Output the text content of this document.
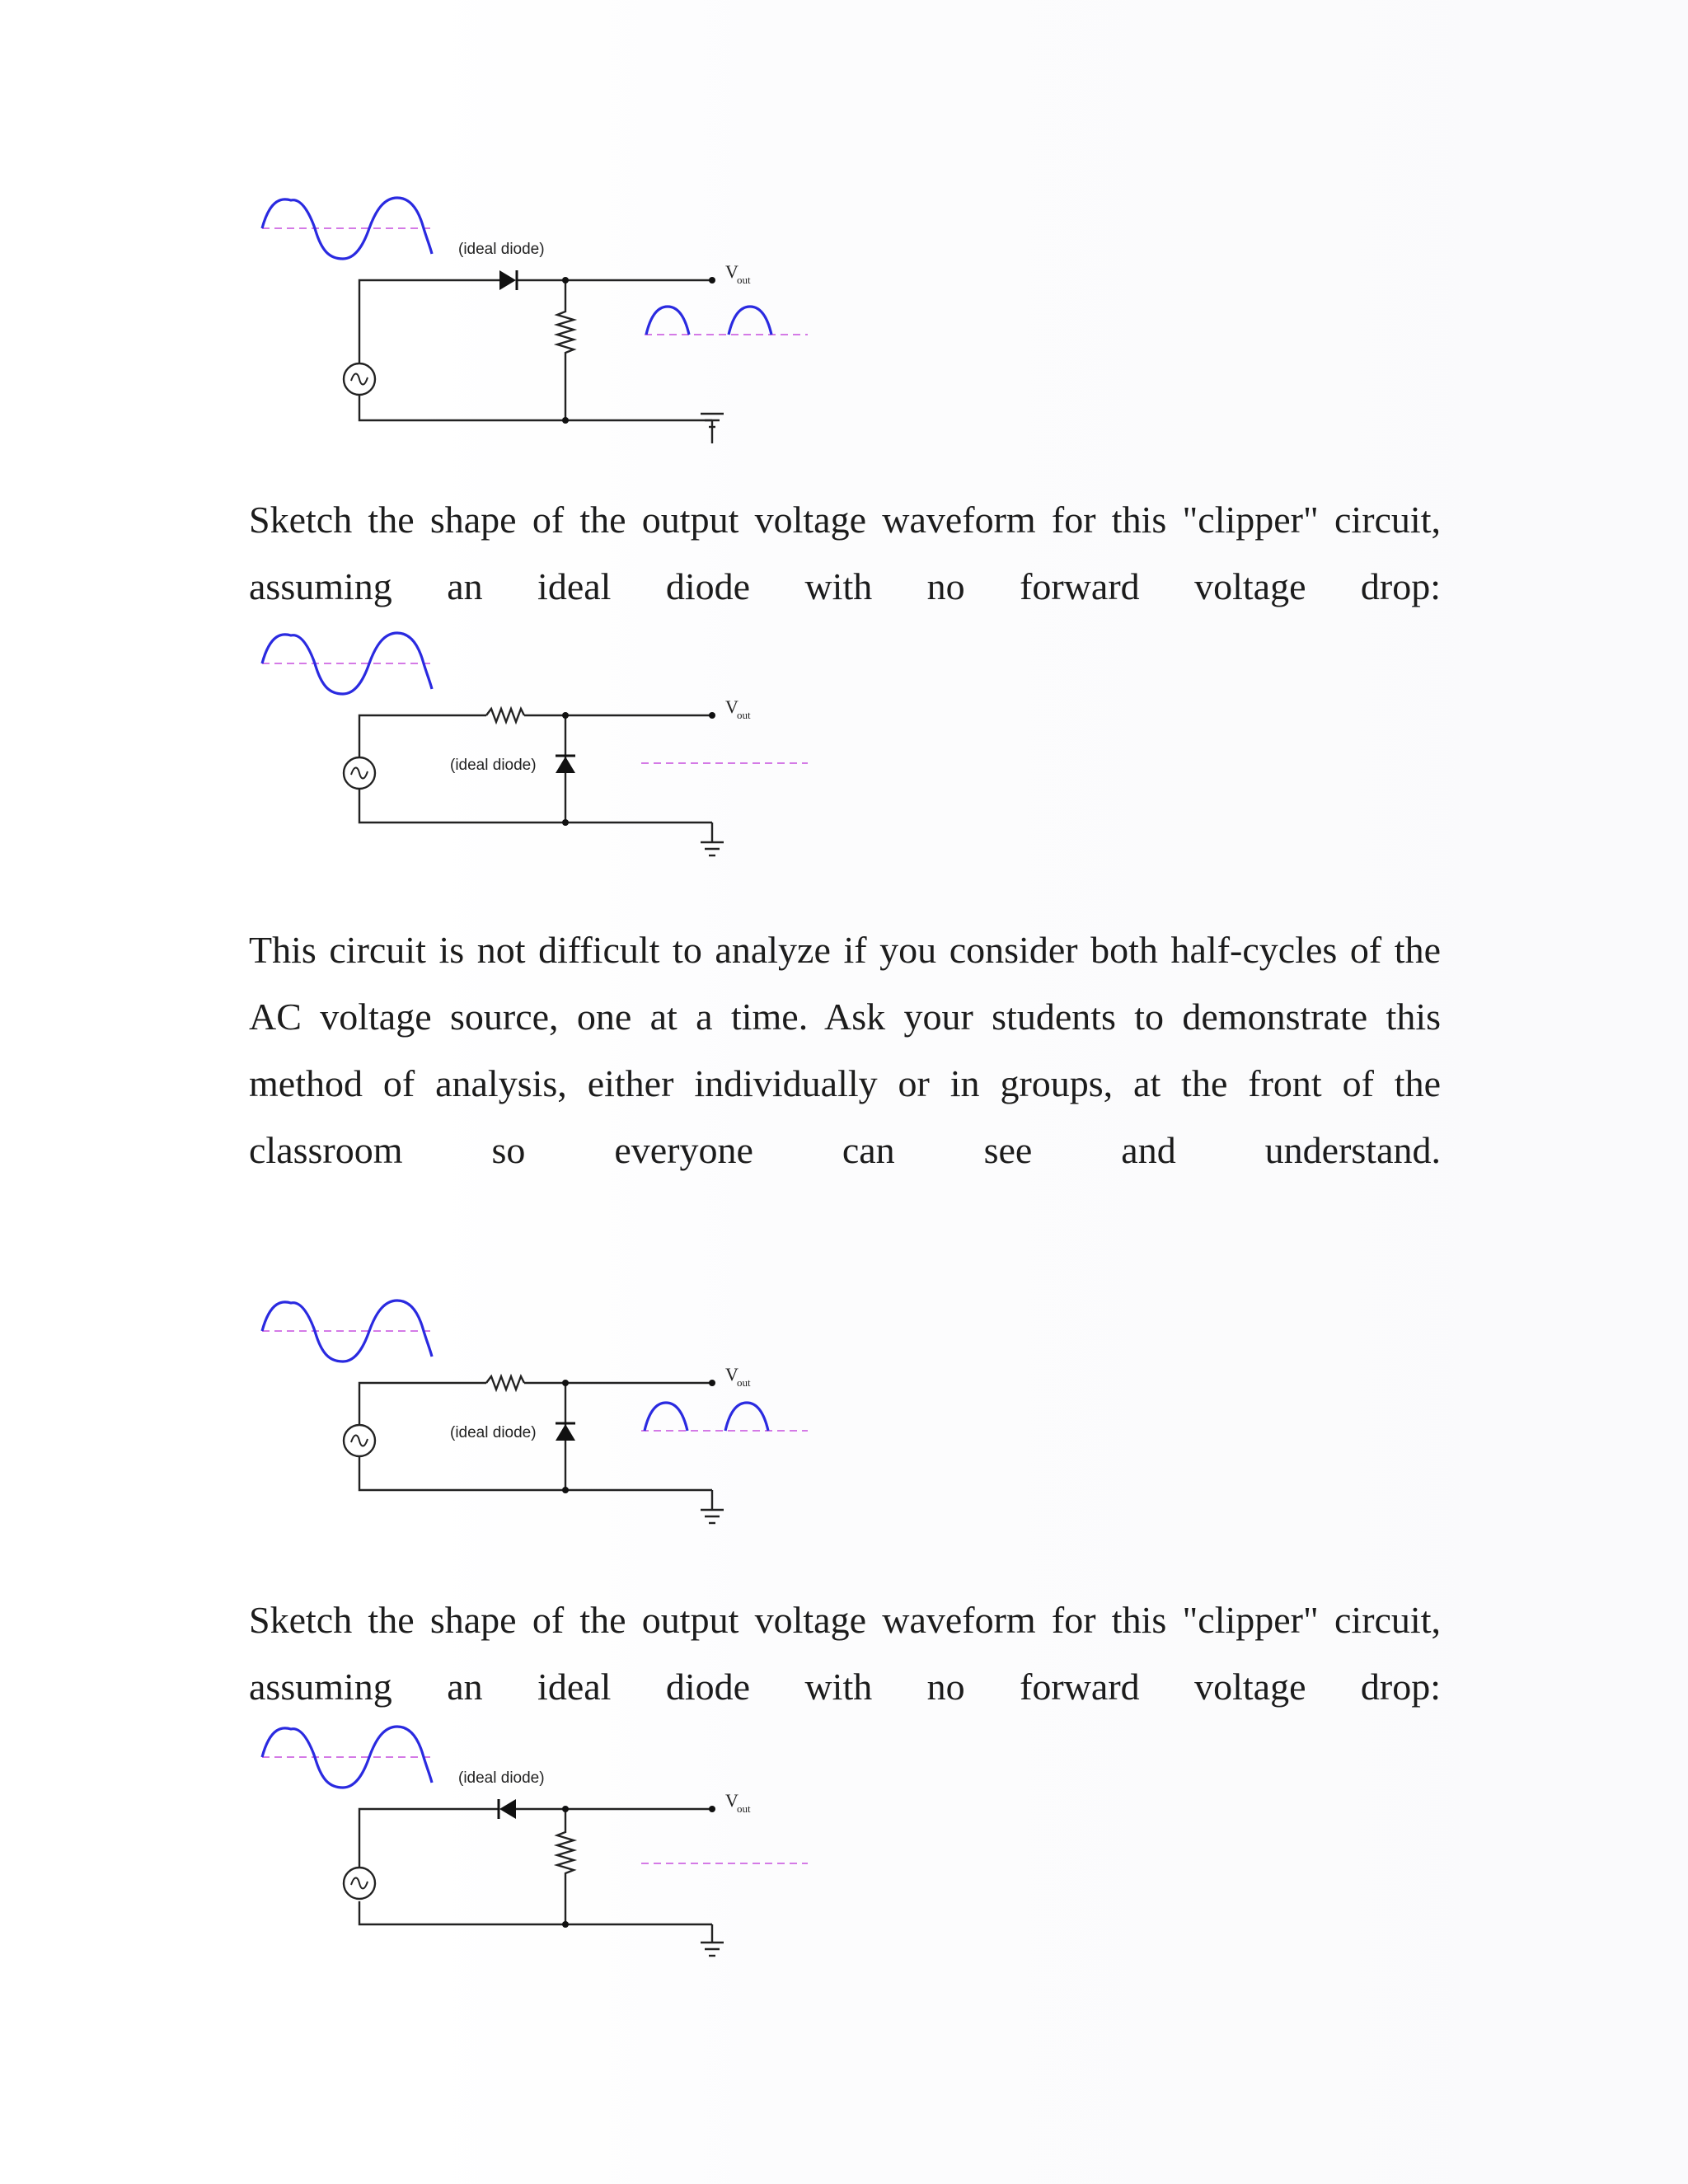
(ideal diode)
V
out
Sketch the shape of the output voltage waveform for this "clipper" circuit,
assuming an ideal diode with no forward voltage drop:
(ideal diode)
V
out
This circuit is not difficult to analyze if you consider both half-cycles of the
AC voltage source, one at a time. Ask your students to demonstrate this
method of analysis, either individually or in groups, at the front of the
classroom so everyone can see and understand.
(ideal diode)
V
out
Sketch the shape of the output voltage waveform for this "clipper" circuit,
assuming an ideal diode with no forward voltage drop:
(ideal diode)
V
out
